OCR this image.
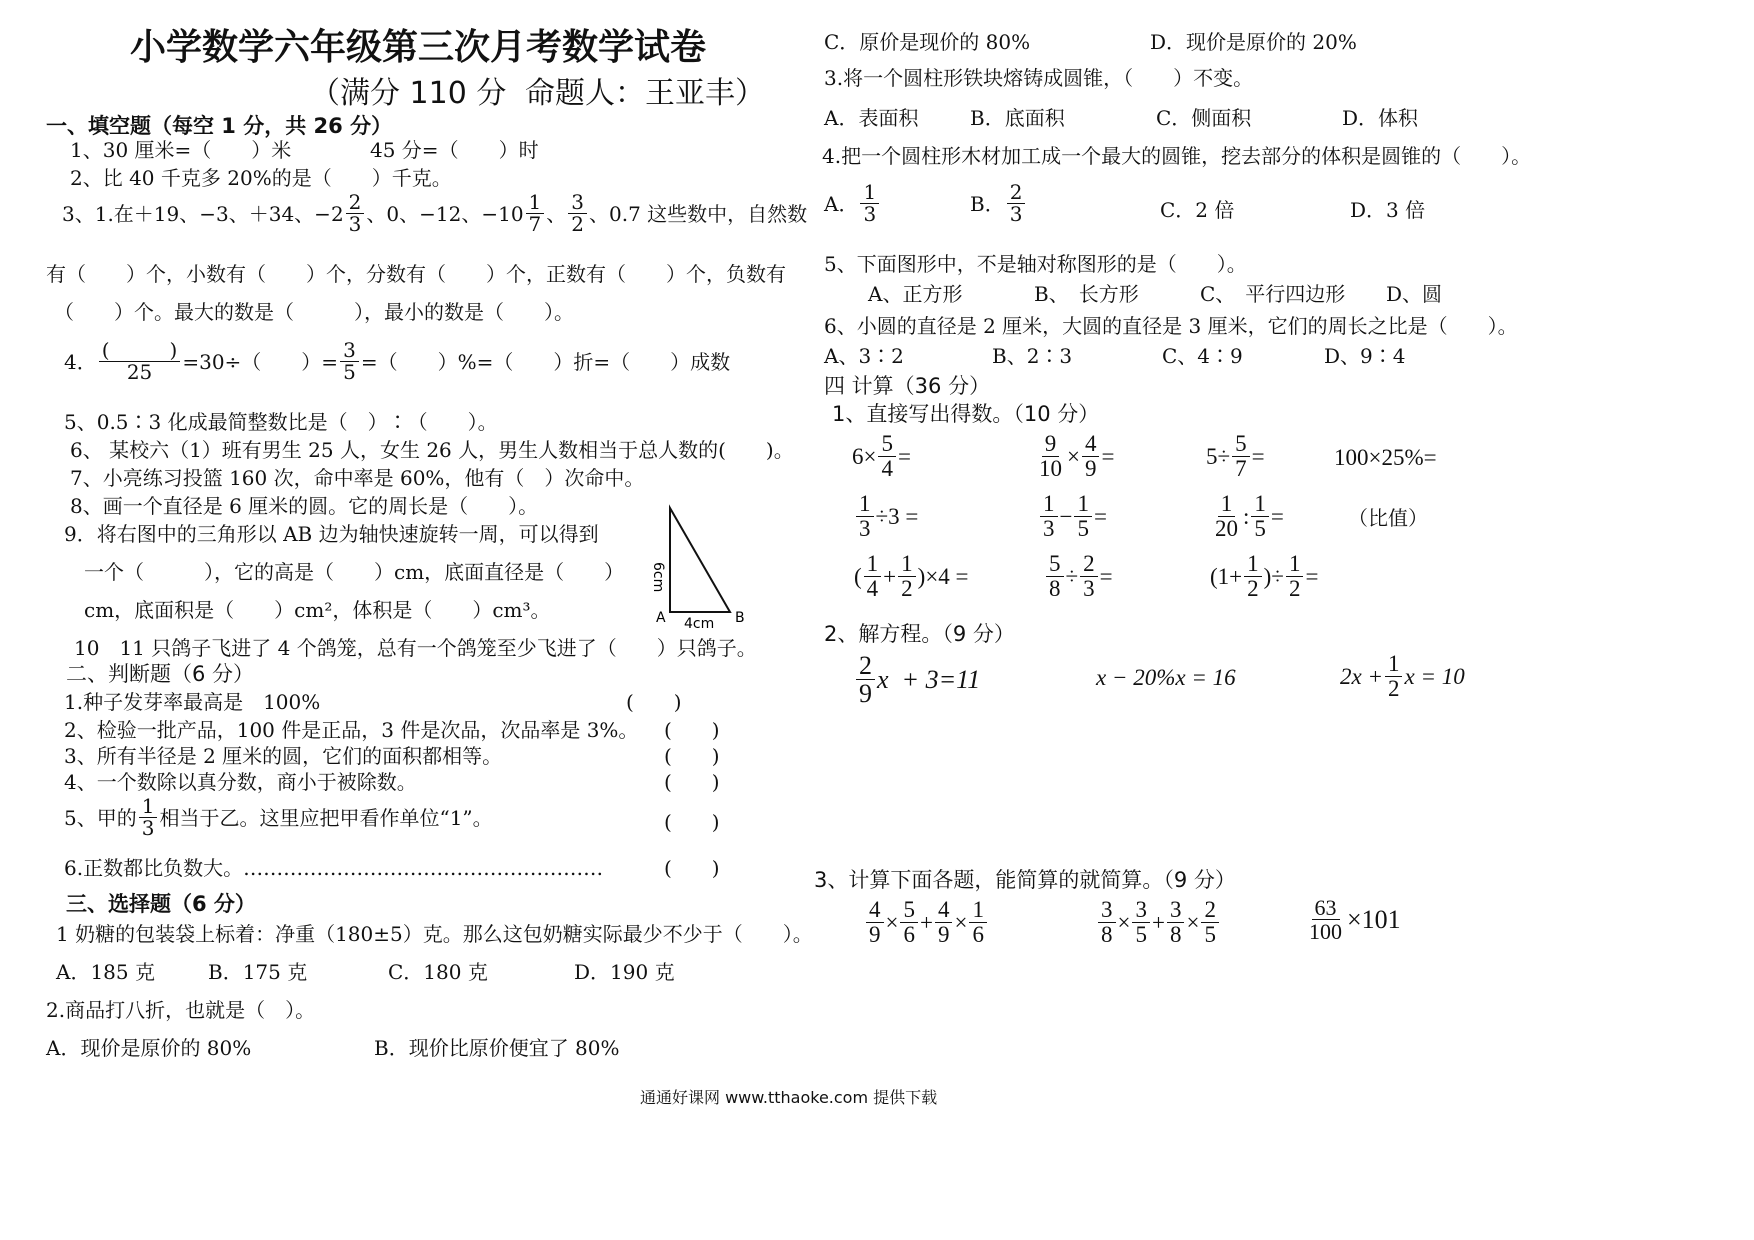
小学数学六年级第三次月考数学试卷
（满分 110 分 命题人：王亚丰）
一、填空题（每空 1 分，共 26 分）
1、30 厘米=（　　）米	45 分=（　　）时
2、比 40 千克多 20%的是（　　）千克。
3、1.在＋19、−3、＋34、$-2 \frac{2}{3}$ 、0、−12、$-10 \frac{1}{7}$ 、 $\frac{3}{2}$ 、0.7 这些数中，自然数
有（　　）个，小数有（　　）个，分数有（　　）个，正数有（　　）个，负数有
（　　）个。最大的数是（　　　），最小的数是（　　）。
4． $\frac{( )}{25} =30\div$（　　）= $\frac{3}{5}$ =（　　）%=（　　）折=（　　）成数
5、0.5∶3 化成最简整数比是（　）∶（　　）。
6、 某校六（1）班有男生 25 人，女生 26 人，男生人数相当于总人数的(　　)。
7、小亮练习投篮 160 次，命中率是 60%，他有（　）次命中。
8、画一个直径是 6 厘米的圆。它的周长是（　　）。
9．将右图中的三角形以 AB 边为轴快速旋转一周，可以得到
一个（　　　），它的高是（　　）cm，底面直径是（　　）
cm，底面积是（　　）cm²，体积是（　　）cm³。
6cm
A	B
4cm
10　11 只鸽子飞进了 4 个鸽笼，总有一个鸽笼至少飞进了（　　）只鸽子。
二、判断题（6 分）
1.种子发芽率最高是　100%	(　　)
2、检验一批产品，100 件是正品，3 件是次品，次品率是 3%。 (　　)
3、所有半径是 2 厘米的圆，它们的面积都相等。	(　　)
4、一个数除以真分数，商小于被除数。	(　　)
5、甲的 $\frac{1}{3}$ 相当于乙。这里应把甲看作单位“1”。	(　　)
6.正数都比负数大。………………………………………………	(　　)
三、选择题（6 分）
1 奶糖的包装袋上标着：净重（180±5）克。那么这包奶糖实际最少不少于（　　）。
A．185 克	B．175 克	C．180 克	D．190 克
2.商品打八折，也就是（　）。
A．现价是原价的 80%	B．现价比原价便宜了 80%
C．原价是现价的 80%	D．现价是原价的 20%
3.将一个圆柱形铁块熔铸成圆锥，（　　）不变。
A．表面积	B．底面积	C．侧面积	D．体积
4.把一个圆柱形木材加工成一个最大的圆锥，挖去部分的体积是圆锥的（　　）。
A． $\frac{1}{3}$	B． $\frac{2}{3}$	C．2 倍	D．3 倍
5、下面图形中，不是轴对称图形的是（　　）。
A、正方形	B、　长方形	C、　平行四边形 D、圆
6、小圆的直径是 2 厘米，大圆的直径是 3 厘米，它们的周长之比是（　　）。
A、3∶2	B、2∶3	C、4∶9	D、9∶4
四 计算（36 分）
1、直接写出得数。（10 分）
$6\times \frac{5}{4}$ =	$\frac{9}{10} \times \frac{4}{9}$ =	$5\div \frac{5}{7}$ =	100×25%=
$\frac{1}{3} \div 3$ =	$\frac{1}{3} - \frac{1}{5}$ =	$\frac{1}{20}$ : $\frac{1}{5}$ =	（比值）
( $\frac{1}{4} + \frac{1}{2} )\times 4$ =	$\frac{5}{8} \div \frac{2}{3}$ =	($1+ \frac{1}{2}$ )÷ $\frac{1}{2}$ =
2、解方程。（9 分）
$\frac{2}{9}$ x  + 3=11	x − 20%x = 16	$2x + \frac{1}{2}$ x = 10
3、计算下面各题，能简算的就简算。（9 分）
$\frac{4}{9} \times \frac{5}{6} + \frac{4}{9} \times \frac{1}{6}$	$\frac{3}{8} \times \frac{3}{5} + \frac{3}{8} \times \frac{2}{5}$	$\frac{63}{100} \times 101$
通通好课网 www.tthaoke.com 提供下载
